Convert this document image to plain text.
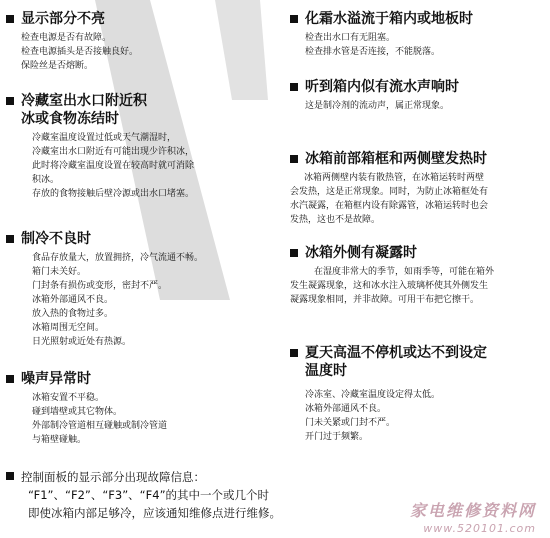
显示部分不亮
检查电源是否有故障。
检查电源插头是否接触良好。
保险丝是否熔断。
冷藏室出水口附近积
冰或食物冻结时
冷藏室温度设置过低或天气潮湿时，
冷藏室出水口附近有可能出现少许积冰，
此时将冷藏室温度设置在较高时就可消除
积冰。
存放的食物接触后壁冷源或出水口堵塞。
制冷不良时
食品存放量大，放置拥挤，冷气流通不畅。
箱门未关好。
门封条有损伤或变形，密封不严。
冰箱外部通风不良。
放入热的食物过多。
冰箱周围无空间。
日光照射或近处有热源。
噪声异常时
冰箱安置不平稳。
碰到墙壁或其它物体。
外部制冷管道相互碰触或制冷管道
与箱壁碰触。
化霜水溢流于箱内或地板时
检查出水口有无阻塞。
检查排水管是否连接，不能脱落。
听到箱内似有流水声响时
这是制冷剂的流动声，属正常现象。
冰箱前部箱框和两侧壁发热时
冰箱两侧壁内装有散热管，在冰箱运转时两壁
会发热，这是正常现象。同时，为防止冰箱框处有
水汽凝露，在箱框内设有除露管，冰箱运转时也会
发热，这也不是故障。
冰箱外侧有凝露时
在湿度非常大的季节，如雨季等，可能在箱外
发生凝露现象，这和冰水注入玻璃杯使其外侧发生
凝露现象相同，并非故障。可用干布把它擦干。
夏天高温不停机或达不到设定
温度时
冷冻室、冷藏室温度设定得太低。
冰箱外部通风不良。
门未关紧或门封不严。
开门过于频繁。
控制面板的显示部分出现故障信息：
“F1”、“F2”、“F3”、“F4”的其中一个或几个时
即使冰箱内部足够冷，应该通知维修点进行维修。	家电维修资料网
www.520101.com
